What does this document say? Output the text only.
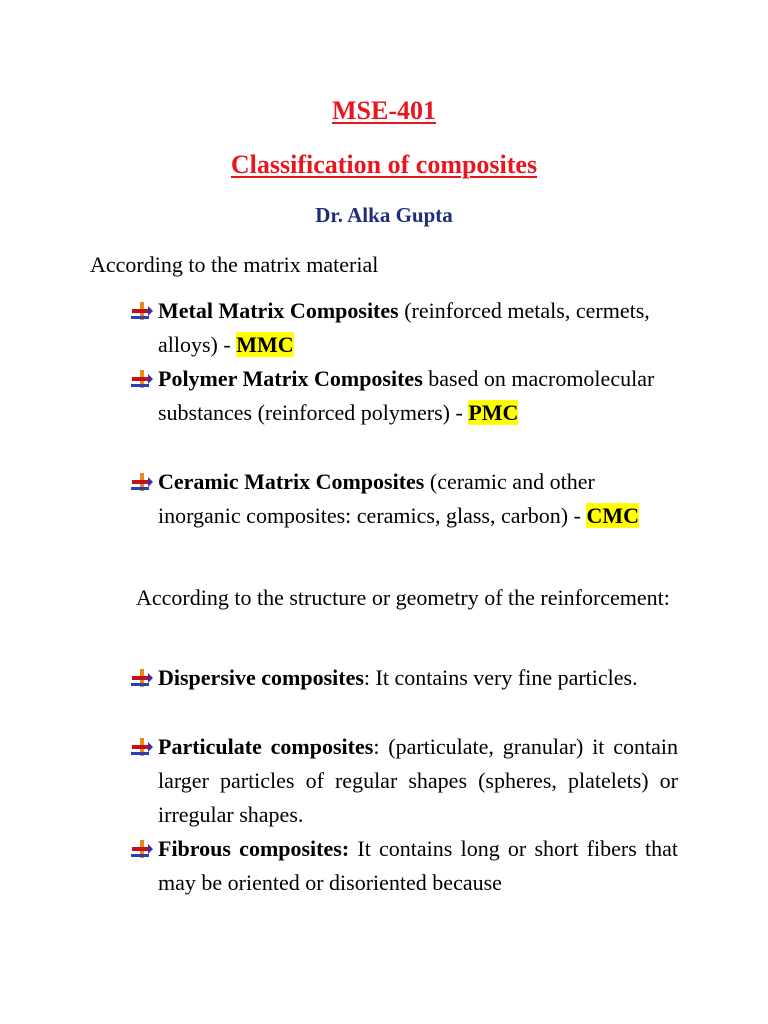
MSE-401
Classification of composites
Dr. Alka Gupta
According to the matrix material
Metal Matrix Composites (reinforced metals, cermets, alloys) - MMC
Polymer Matrix Composites based on macromolecular substances (reinforced polymers) - PMC
Ceramic Matrix Composites (ceramic and other inorganic composites: ceramics, glass, carbon) - CMC
According to the structure or geometry of the reinforcement:
Dispersive composites: It contains very fine particles.
Particulate composites: (particulate, granular) it contain larger particles of regular shapes (spheres, platelets) or irregular shapes.
Fibrous composites: It contains long or short fibers that may be oriented or disoriented because
